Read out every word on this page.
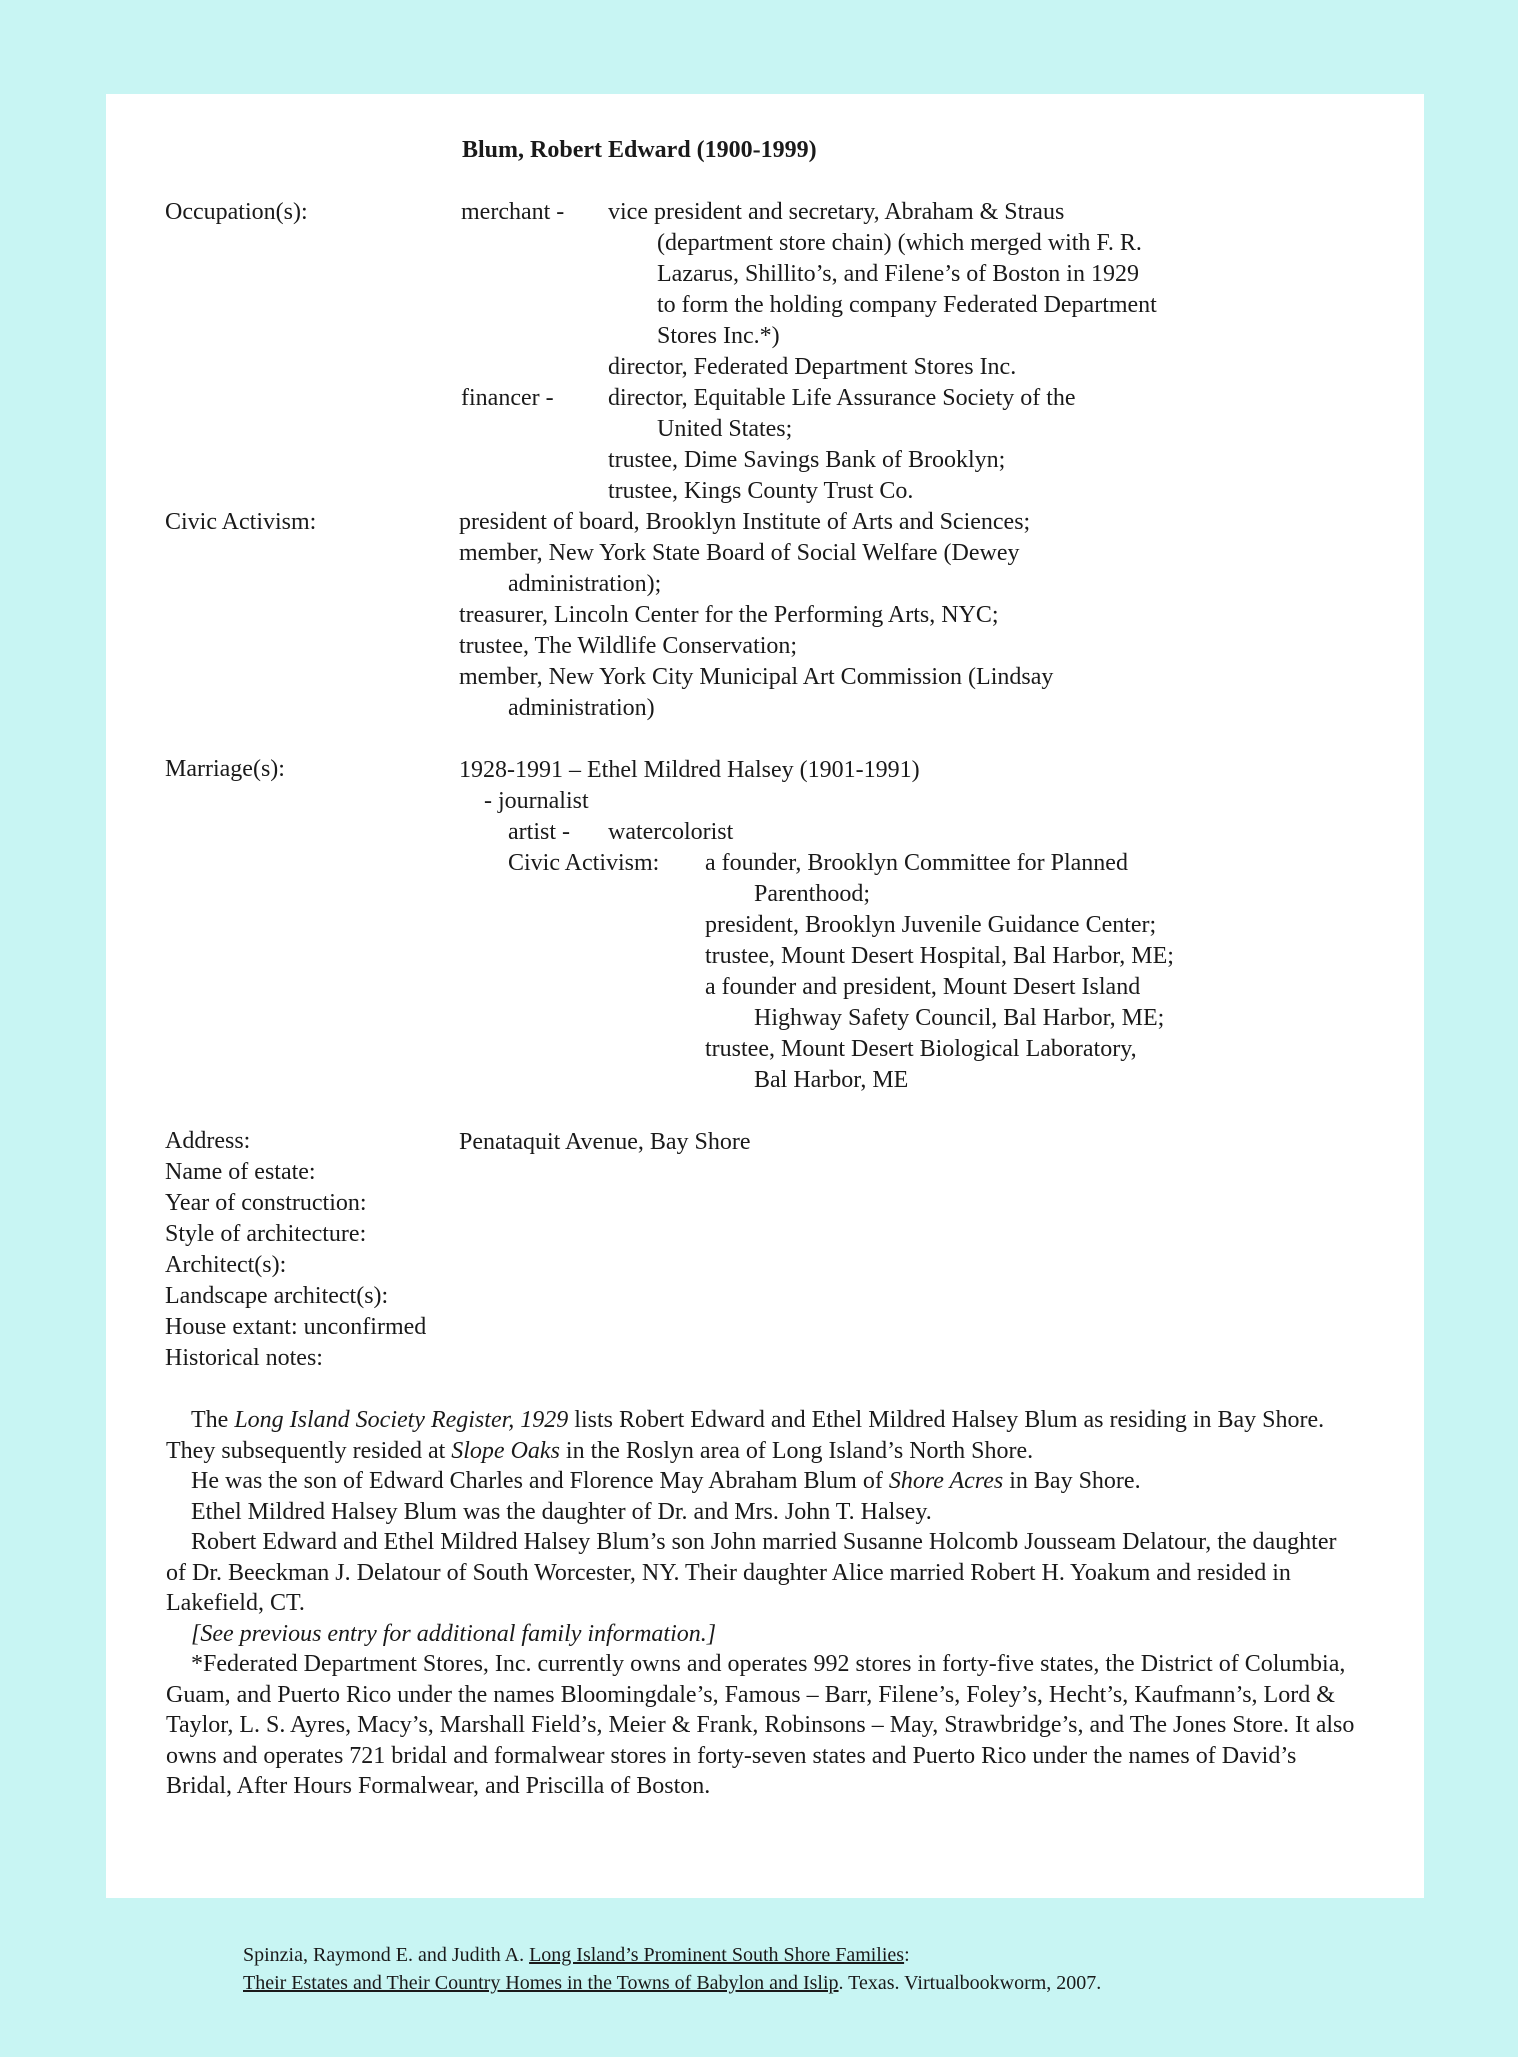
Blum, Robert Edward (1900-1999)
Occupation(s):	merchant - vice president and secretary, Abraham & Straus
(department store chain) (which merged with F. R.
Lazarus, Shillito’s, and Filene’s of Boston in 1929
to form the holding company Federated Department
Stores Inc.*)
director, Federated Department Stores Inc.
financer - director, Equitable Life Assurance Society of the
United States;
trustee, Dime Savings Bank of Brooklyn;
trustee, Kings County Trust Co.
Civic Activism:	president of board, Brooklyn Institute of Arts and Sciences;
member, New York State Board of Social Welfare (Dewey
administration);
treasurer, Lincoln Center for the Performing Arts, NYC;
trustee, The Wildlife Conservation;
member, New York City Municipal Art Commission (Lindsay
administration)
Marriage(s):	1928-1991 – Ethel Mildred Halsey (1901-1991)
- journalist
artist - watercolorist
Civic Activism: a founder, Brooklyn Committee for Planned
Parenthood;
president, Brooklyn Juvenile Guidance Center;
trustee, Mount Desert Hospital, Bal Harbor, ME;
a founder and president, Mount Desert Island
Highway Safety Council, Bal Harbor, ME;
trustee, Mount Desert Biological Laboratory,
Bal Harbor, ME
Address:	Penataquit Avenue, Bay Shore
Name of estate:
Year of construction:
Style of architecture:
Architect(s):
Landscape architect(s):
House extant: unconfirmed
Historical notes:

The Long Island Society Register, 1929 lists Robert Edward and Ethel Mildred Halsey Blum as residing in Bay Shore. They subsequently resided at Slope Oaks in the Roslyn area of Long Island’s North Shore.

He was the son of Edward Charles and Florence May Abraham Blum of Shore Acres in Bay Shore.

Ethel Mildred Halsey Blum was the daughter of Dr. and Mrs. John T. Halsey.

Robert Edward and Ethel Mildred Halsey Blum’s son John married Susanne Holcomb Jousseam Delatour, the daughter of Dr. Beeckman J. Delatour of South Worcester, NY. Their daughter Alice married Robert H. Yoakum and resided in Lakefield, CT.

[See previous entry for additional family information.]

*Federated Department Stores, Inc. currently owns and operates 992 stores in forty-five states, the District of Columbia, Guam, and Puerto Rico under the names Bloomingdale’s, Famous – Barr, Filene’s, Foley’s, Hecht’s, Kaufmann’s, Lord & Taylor, L. S. Ayres, Macy’s, Marshall Field’s, Meier & Frank, Robinsons – May, Strawbridge’s, and The Jones Store. It also owns and operates 721 bridal and formalwear stores in forty-seven states and Puerto Rico under the names of David’s Bridal, After Hours Formalwear, and Priscilla of Boston.

Spinzia, Raymond E. and Judith A. Long Island’s Prominent South Shore Families:
Their Estates and Their Country Homes in the Towns of Babylon and Islip. Texas. Virtualbookworm, 2007.
